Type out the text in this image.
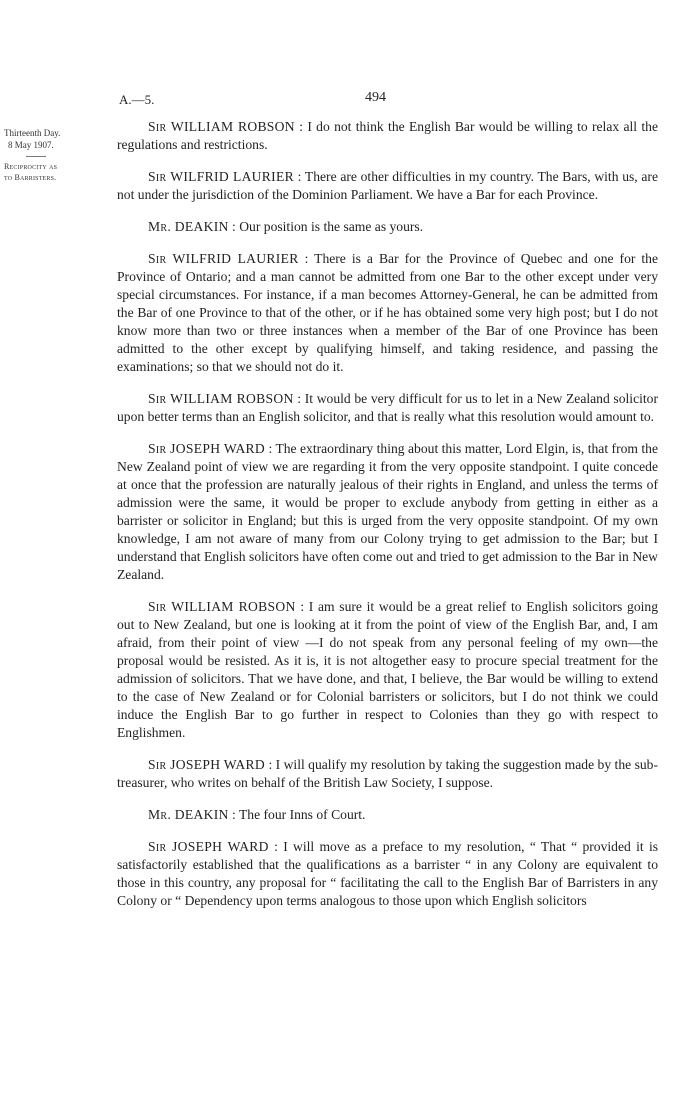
A.—5.	494
Thirteenth Day.
8 May 1907.
Reciprocity as
to Barristers.

Sir WILLIAM ROBSON : I do not think the English Bar would be willing to relax all the regulations and restrictions.

Sir WILFRID LAURIER : There are other difficulties in my country. The Bars, with us, are not under the jurisdiction of the Dominion Parliament. We have a Bar for each Province.

Mr. DEAKIN : Our position is the same as yours.

Sir WILFRID LAURIER : There is a Bar for the Province of Quebec and one for the Province of Ontario; and a man cannot be admitted from one Bar to the other except under very special circumstances. For instance, if a man becomes Attorney-General, he can be admitted from the Bar of one Province to that of the other, or if he has obtained some very high post; but I do not know more than two or three instances when a member of the Bar of one Province has been admitted to the other except by qualifying himself, and taking residence, and passing the examinations; so that we should not do it.

Sir WILLIAM ROBSON : It would be very difficult for us to let in a New Zealand solicitor upon better terms than an English solicitor, and that is really what this resolution would amount to.

Sir JOSEPH WARD : The extraordinary thing about this matter, Lord Elgin, is, that from the New Zealand point of view we are regarding it from the very opposite standpoint. I quite concede at once that the profession are naturally jealous of their rights in England, and unless the terms of admission were the same, it would be proper to exclude anybody from getting in either as a barrister or solicitor in England; but this is urged from the very opposite standpoint. Of my own knowledge, I am not aware of many from our Colony trying to get admission to the Bar; but I understand that English solicitors have often come out and tried to get admission to the Bar in New Zealand.

Sir WILLIAM ROBSON : I am sure it would be a great relief to English solicitors going out to New Zealand, but one is looking at it from the point of view of the English Bar, and, I am afraid, from their point of view —I do not speak from any personal feeling of my own—the proposal would be resisted. As it is, it is not altogether easy to procure special treatment for the admission of solicitors. That we have done, and that, I believe, the Bar would be willing to extend to the case of New Zealand or for Colonial barristers or solicitors, but I do not think we could induce the English Bar to go further in respect to Colonies than they go with respect to Englishmen.

Sir JOSEPH WARD : I will qualify my resolution by taking the suggestion made by the sub-treasurer, who writes on behalf of the British Law Society, I suppose.

Mr. DEAKIN : The four Inns of Court.

Sir JOSEPH WARD : I will move as a preface to my resolution, “ That “ provided it is satisfactorily established that the qualifications as a barrister “ in any Colony are equivalent to those in this country, any proposal for “ facilitating the call to the English Bar of Barristers in any Colony or “ Dependency upon terms analogous to those upon which English solicitors
